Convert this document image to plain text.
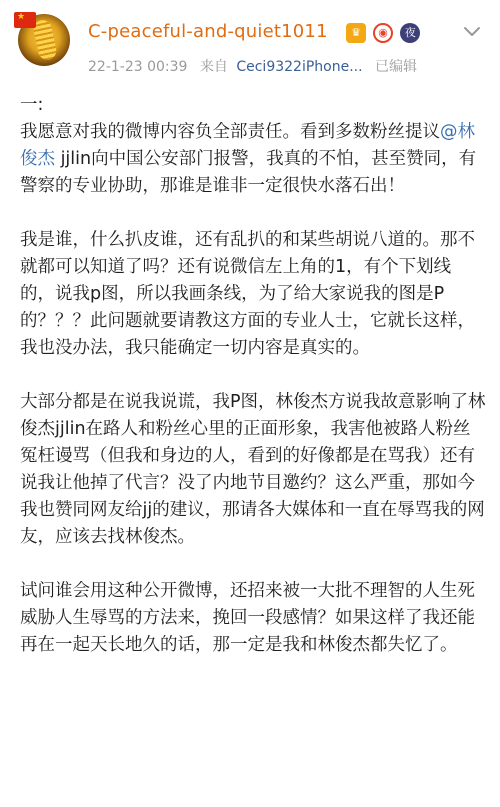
★
C-peaceful-and-quiet1011	♛ ◉ 夜
22-1-23 00:39 来自 Ceci9322iPhone... 已编辑
一:
我愿意对我的微博内容负全部责任。看到多数粉丝提议@林俊杰 jjlin向中国公安部门报警，我真的不怕，甚至赞同，有警察的专业协助，那谁是谁非一定很快水落石出！
我是谁，什么扒皮谁，还有乱扒的和某些胡说八道的。那不就都可以知道了吗？还有说微信左上角的1，有个下划线的，说我p图，所以我画条线，为了给大家说我的图是P的？？？此问题就要请教这方面的专业人士，它就长这样，我也没办法，我只能确定一切内容是真实的。
大部分都是在说我说谎，我P图，林俊杰方说我故意影响了林俊杰jjlin在路人和粉丝心里的正面形象，我害他被路人粉丝冤枉谩骂（但我和身边的人，看到的好像都是在骂我）还有说我让他掉了代言？没了内地节目邀约？这么严重，那如今我也赞同网友给jj的建议，那请各大媒体和一直在辱骂我的网友，应该去找林俊杰。
试问谁会用这种公开微博，还招来被一大批不理智的人生死威胁人生辱骂的方法来，挽回一段感情？如果这样了我还能再在一起天长地久的话，那一定是我和林俊杰都失忆了。
